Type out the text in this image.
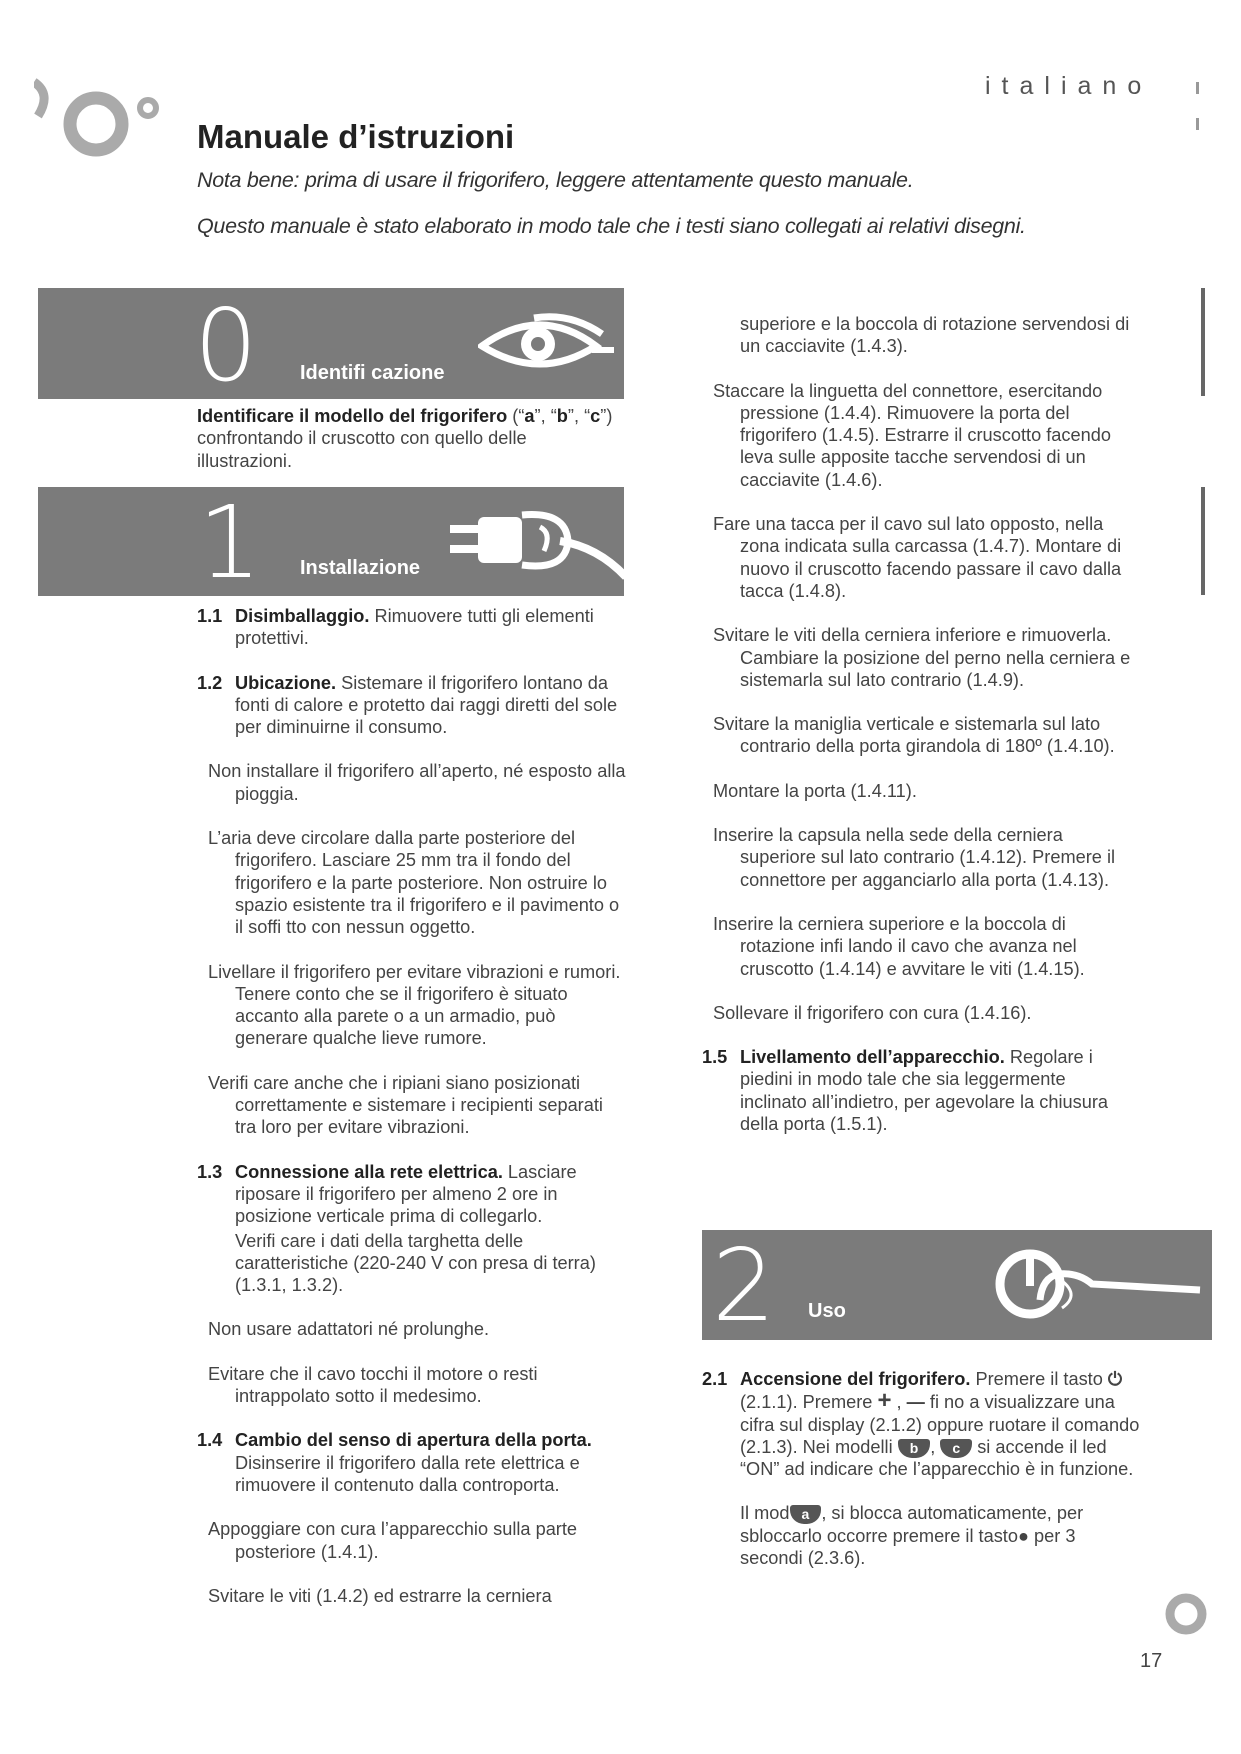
italiano
Manuale d’istruzioni
Nota bene: prima di usare il frigorifero, leggere attentamente questo manuale.
Questo manuale è stato elaborato in modo tale che i testi siano collegati ai relativi disegni.
0 Identifi cazione

Identificare il modello del frigorifero (“a”, “b”, “c”) confrontando il cruscotto con quello delle illustrazioni.

1 Installazione

1.1 Disimballaggio. Rimuovere tutti gli elementi protettivi.

1.2 Ubicazione. Sistemare il frigorifero lontano da fonti di calore e protetto dai raggi diretti del sole per diminuirne il consumo.

Non installare il frigorifero all’aperto, né esposto alla pioggia.

L’aria deve circolare dalla parte posteriore del frigorifero. Lasciare 25 mm tra il fondo del frigorifero e la parte posteriore. Non ostruire lo spazio esistente tra il frigorifero e il pavimento o il soffi tto con nessun oggetto.

Livellare il frigorifero per evitare vibrazioni e rumori. Tenere conto che se il frigorifero è situato accanto alla parete o a un armadio, può generare qualche lieve rumore.

Verifi care anche che i ripiani siano posizionati correttamente e sistemare i recipienti separati tra loro per evitare vibrazioni.

1.3 Connessione alla rete elettrica. Lasciare riposare il frigorifero per almeno 2 ore in posizione verticale prima di collegarlo.

Verifi care i dati della targhetta delle caratteristiche (220-240 V con presa di terra) (1.3.1, 1.3.2).

Non usare adattatori né prolunghe.

Evitare che il cavo tocchi il motore o resti intrappolato sotto il medesimo.

1.4 Cambio del senso di apertura della porta.
Disinserire il frigorifero dalla rete elettrica e rimuovere il contenuto dalla controporta.

Appoggiare con cura l’apparecchio sulla parte posteriore (1.4.1).

Svitare le viti (1.4.2) ed estrarre la cerniera

superiore e la boccola di rotazione servendosi di un cacciavite (1.4.3).

Staccare la linguetta del connettore, esercitando pressione (1.4.4). Rimuovere la porta del frigorifero (1.4.5). Estrarre il cruscotto facendo leva sulle apposite tacche servendosi di un cacciavite (1.4.6).

Fare una tacca per il cavo sul lato opposto, nella zona indicata sulla carcassa (1.4.7). Montare di nuovo il cruscotto facendo passare il cavo dalla tacca (1.4.8).

Svitare le viti della cerniera inferiore e rimuoverla. Cambiare la posizione del perno nella cerniera e sistemarla sul lato contrario (1.4.9).

Svitare la maniglia verticale e sistemarla sul lato contrario della porta girandola di 180º (1.4.10).

Montare la porta (1.4.11).

Inserire la capsula nella sede della cerniera superiore sul lato contrario (1.4.12). Premere il connettore per agganciarlo alla porta (1.4.13).

Inserire la cerniera superiore e la boccola di rotazione infi lando il cavo che avanza nel cruscotto (1.4.14) e avvitare le viti (1.4.15).

Sollevare il frigorifero con cura (1.4.16).

1.5 Livellamento dell’apparecchio. Regolare i piedini in modo tale che sia leggermente inclinato all’indietro, per agevolare la chiusura della porta (1.5.1).

2 Uso

2.1 Accensione del frigorifero. Premere il tasto ⏻ (2.1.1). Premere + , — fi no a visualizzare una cifra sul display (2.1.2) oppure ruotare il comando (2.1.3). Nei modelli b , c si accende il led “ON” ad indicare che l’apparecchio è in funzione.

Il mod a , si blocca automaticamente, per sbloccarlo occorre premere il tasto● per 3 secondi (2.3.6).

17
